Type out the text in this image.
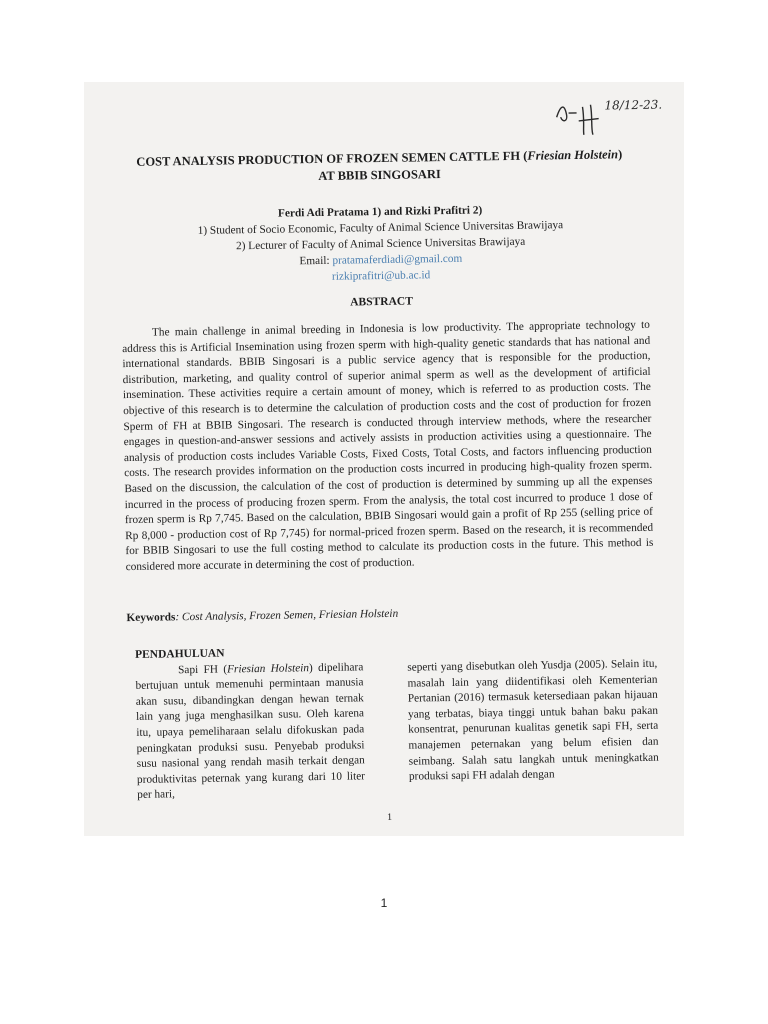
18/12-23.
COST ANALYSIS PRODUCTION OF FROZEN SEMEN CATTLE FH (Friesian Holstein)
AT BBIB SINGOSARI
Ferdi Adi Pratama 1) and Rizki Prafitri 2)
1) Student of Socio Economic, Faculty of Animal Science Universitas Brawijaya
2) Lecturer of Faculty of Animal Science Universitas Brawijaya
Email: pratamaferdiadi@gmail.com
rizkiprafitri@ub.ac.id
ABSTRACT

The main challenge in animal breeding in Indonesia is low productivity. The appropriate technology to address this is Artificial Insemination using frozen sperm with high-quality genetic standards that has national and international standards. BBIB Singosari is a public service agency that is responsible for the production, distribution, marketing, and quality control of superior animal sperm as well as the development of artificial insemination. These activities require a certain amount of money, which is referred to as production costs. The objective of this research is to determine the calculation of production costs and the cost of production for frozen Sperm of FH at BBIB Singosari. The research is conducted through interview methods, where the researcher engages in question-and-answer sessions and actively assists in production activities using a questionnaire. The analysis of production costs includes Variable Costs, Fixed Costs, Total Costs, and factors influencing production costs. The research provides information on the production costs incurred in producing high-quality frozen sperm. Based on the discussion, the calculation of the cost of production is determined by summing up all the expenses incurred in the process of producing frozen sperm. From the analysis, the total cost incurred to produce 1 dose of frozen sperm is Rp 7,745. Based on the calculation, BBIB Singosari would gain a profit of Rp 255 (selling price of Rp 8,000 - production cost of Rp 7,745) for normal-priced frozen sperm. Based on the research, it is recommended for BBIB Singosari to use the full costing method to calculate its production costs in the future. This method is considered more accurate in determining the cost of production.

Keywords: Cost Analysis, Frozen Semen, Friesian Holstein

PENDAHULUAN

Sapi FH (Friesian Holstein) dipelihara bertujuan untuk memenuhi permintaan manusia akan susu, dibandingkan dengan hewan ternak lain yang juga menghasilkan susu. Oleh karena itu, upaya pemeliharaan selalu difokuskan pada peningkatan produksi susu. Penyebab produksi susu nasional yang rendah masih terkait dengan produktivitas peternak yang kurang dari 10 liter per hari,

seperti yang disebutkan oleh Yusdja (2005). Selain itu, masalah lain yang diidentifikasi oleh Kementerian Pertanian (2016) termasuk ketersediaan pakan hijauan yang terbatas, biaya tinggi untuk bahan baku pakan konsentrat, penurunan kualitas genetik sapi FH, serta manajemen peternakan yang belum efisien dan seimbang. Salah satu langkah untuk meningkatkan produksi sapi FH adalah dengan

1
1
